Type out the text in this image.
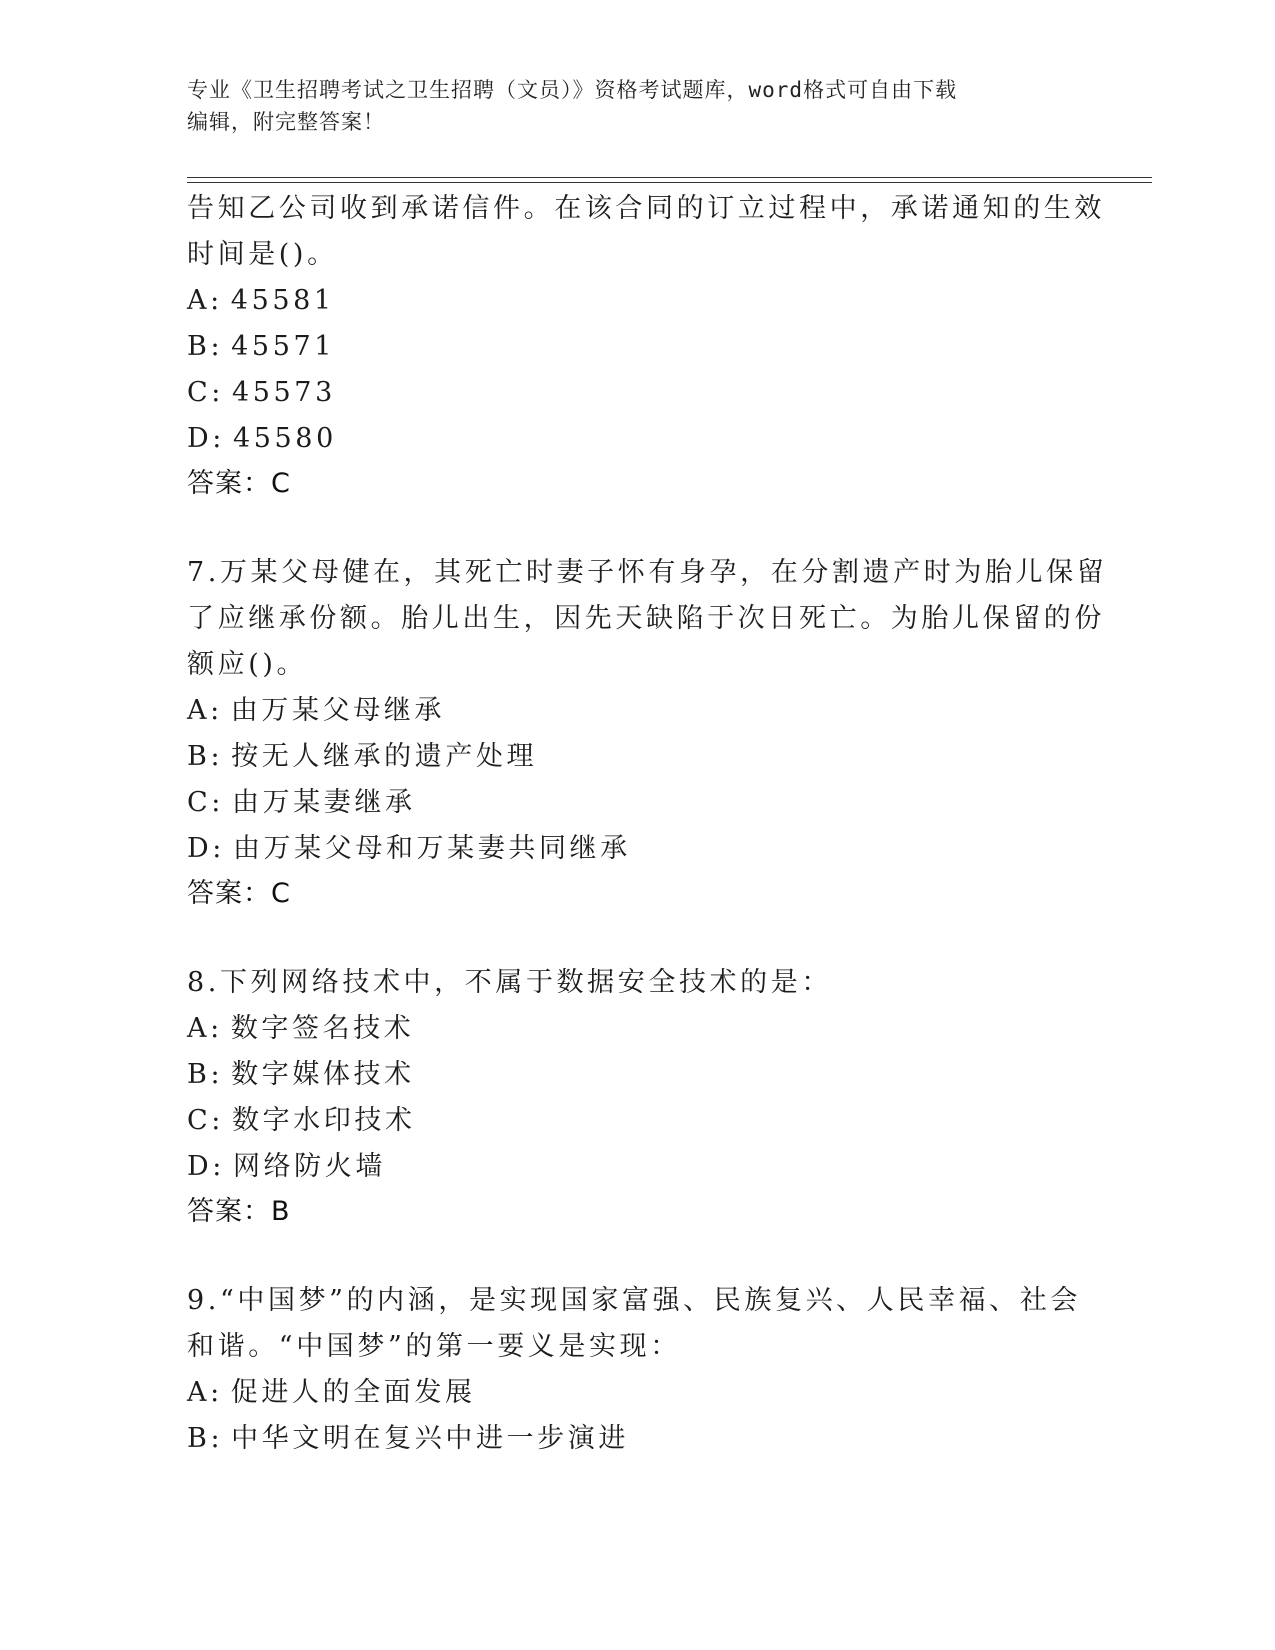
专业《卫生招聘考试之卫生招聘（文员）》资格考试题库，word格式可自由下载
编辑，附完整答案！
告知乙公司收到承诺信件。在该合同的订立过程中，承诺通知的生效
时间是()。
A: 45581
B: 45571
C: 45573
D: 45580
答案：C
7.万某父母健在，其死亡时妻子怀有身孕，在分割遗产时为胎儿保留
了应继承份额。胎儿出生，因先天缺陷于次日死亡。为胎儿保留的份
额应()。
A: 由万某父母继承
B: 按无人继承的遗产处理
C: 由万某妻继承
D: 由万某父母和万某妻共同继承
答案：C
8.下列网络技术中，不属于数据安全技术的是：
A: 数字签名技术
B: 数字媒体技术
C: 数字水印技术
D: 网络防火墙
答案：B
9.“中国梦”的内涵，是实现国家富强、民族复兴、人民幸福、社会
和谐。“中国梦”的第一要义是实现：
A: 促进人的全面发展
B: 中华文明在复兴中进一步演进
